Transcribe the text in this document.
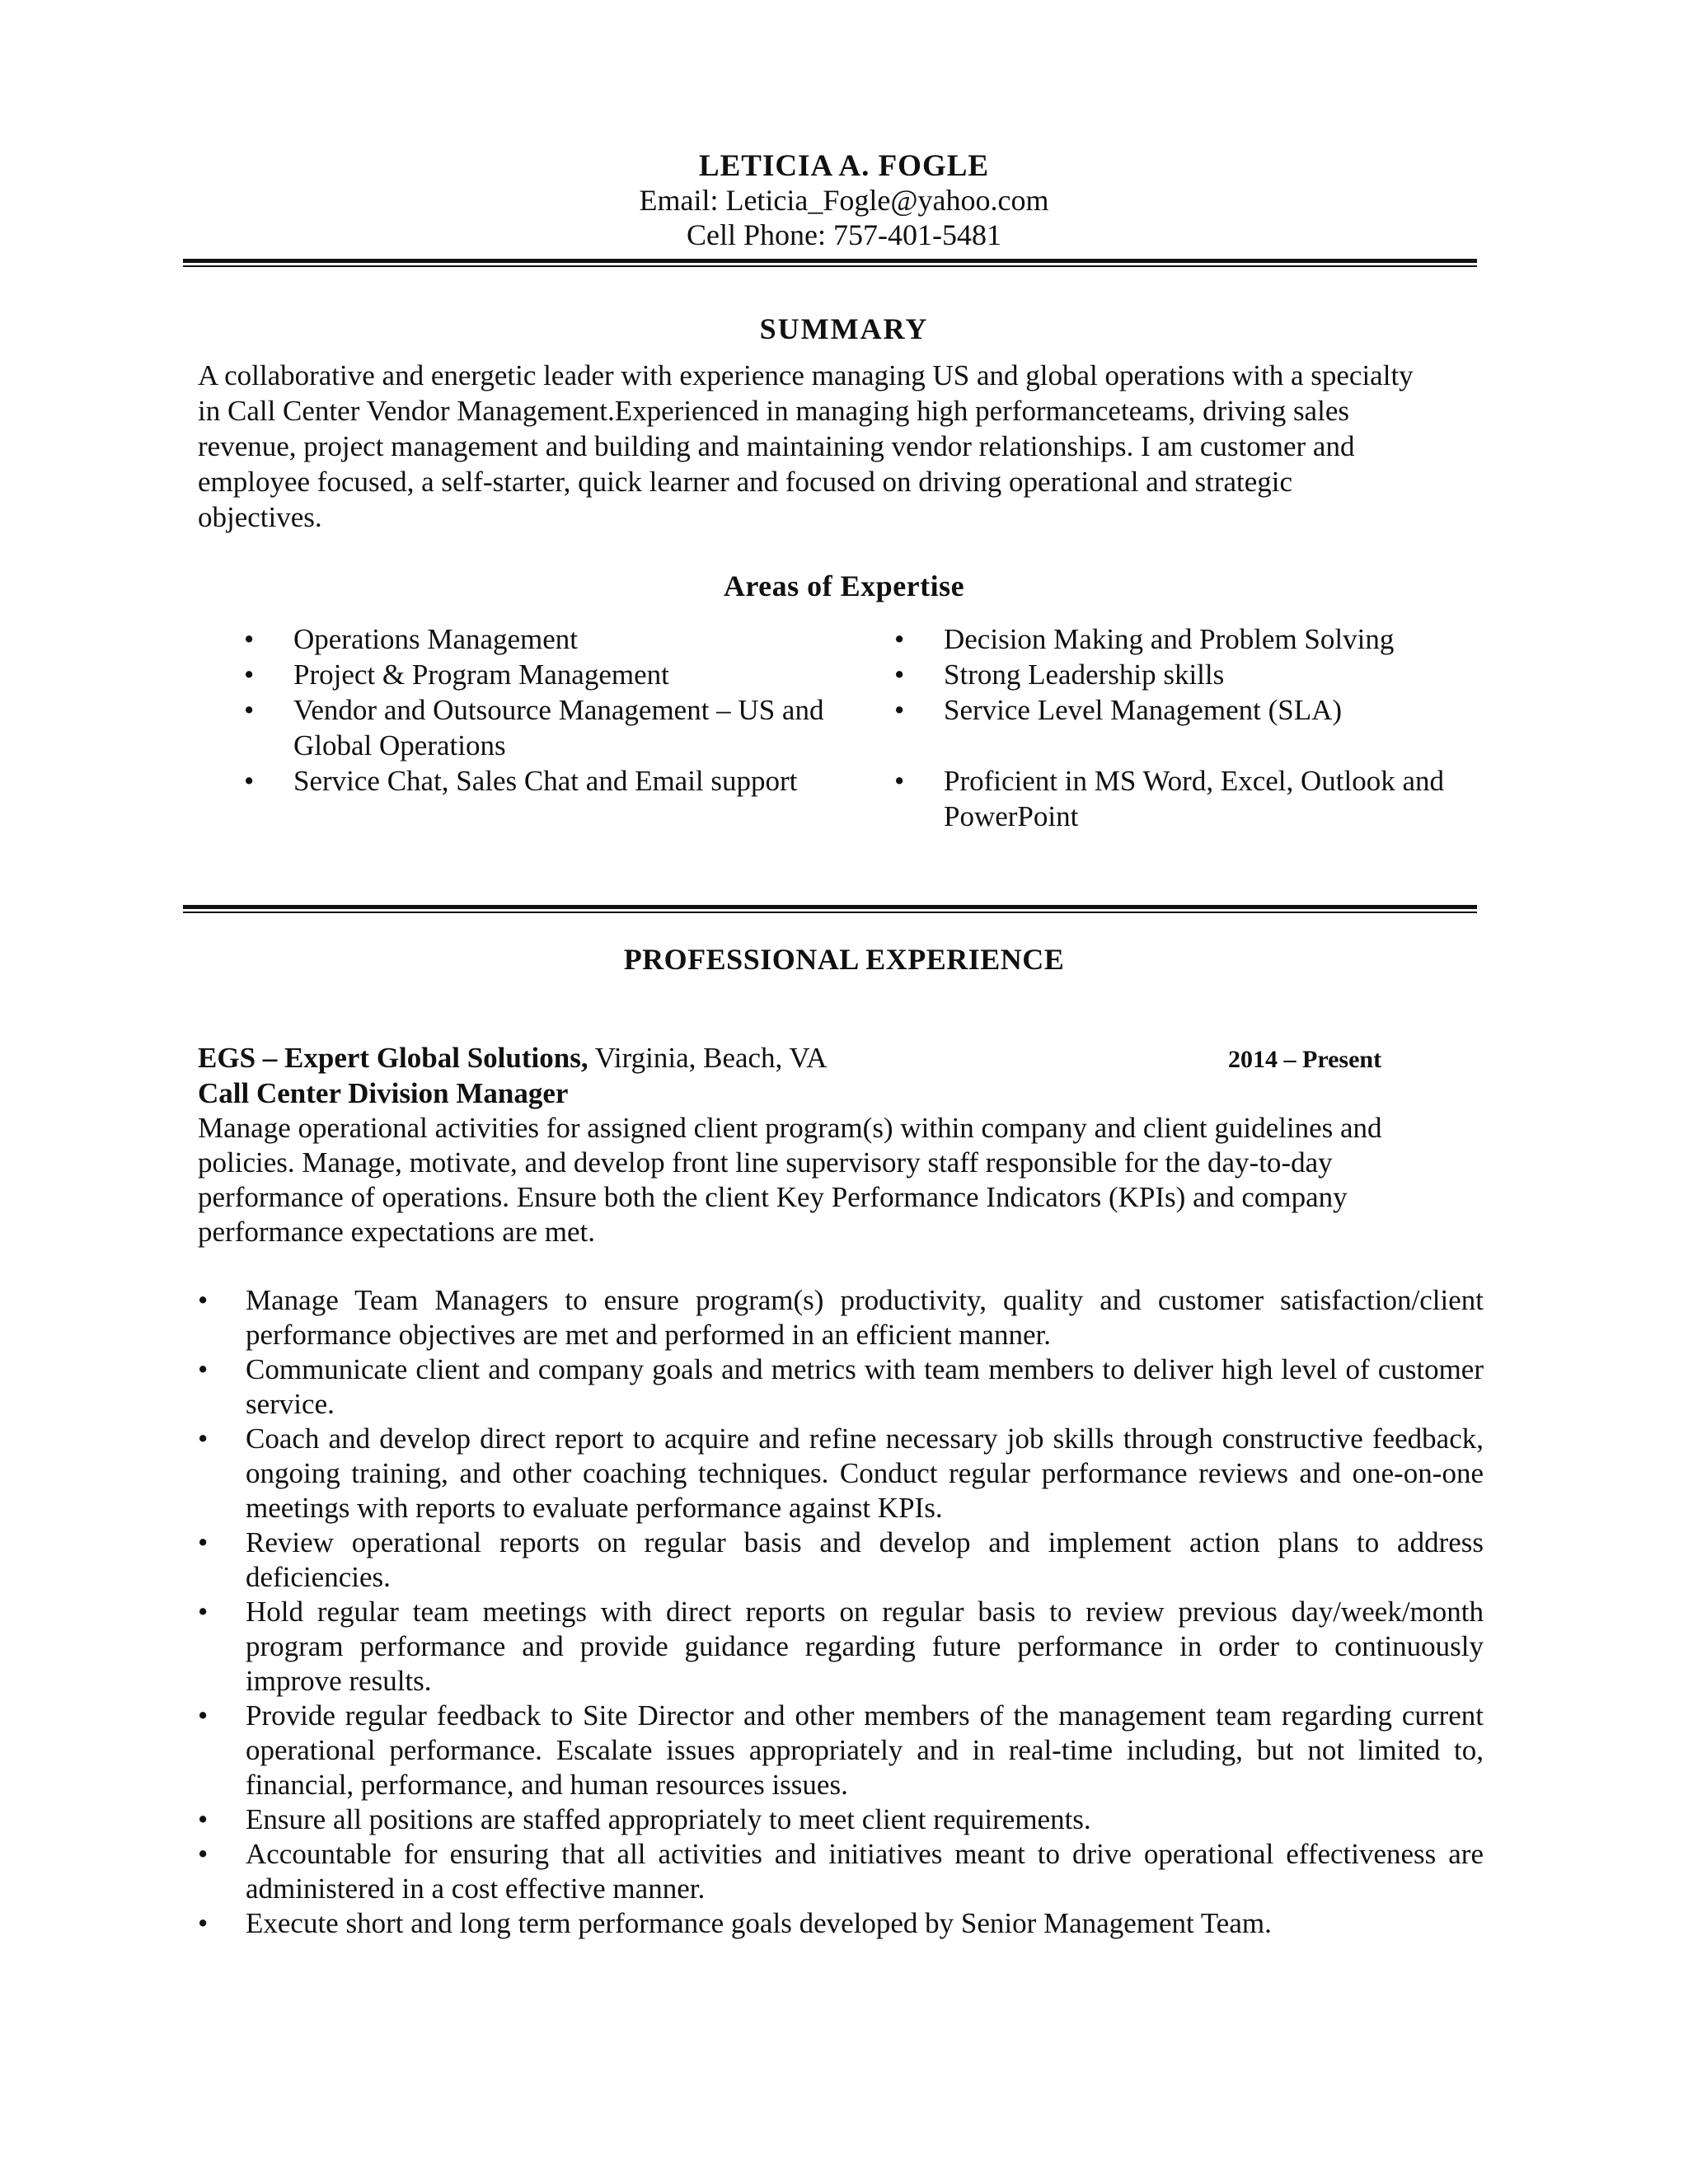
LETICIA A. FOGLE
Email: Leticia_Fogle@yahoo.com
Cell Phone: 757-401-5481
SUMMARY
A collaborative and energetic leader with experience managing US and global operations with a specialty
in Call Center Vendor Management.Experienced in managing high performanceteams, driving sales
revenue, project management and building and maintaining vendor relationships. I am customer and
employee focused, a self-starter, quick learner and focused on driving operational and strategic
objectives.
Areas of Expertise
• Operations Management
• Project & Program Management
• Vendor and Outsource Management – US and Global Operations
• Service Chat, Sales Chat and Email support
• Decision Making and Problem Solving
• Strong Leadership skills
• Service Level Management (SLA)
• Proficient in MS Word, Excel, Outlook and PowerPoint
PROFESSIONAL EXPERIENCE
EGS – Expert Global Solutions, Virginia, Beach, VA	2014 – Present
Call Center Division Manager
Manage operational activities for assigned client program(s) within company and client guidelines and
policies. Manage, motivate, and develop front line supervisory staff responsible for the day-to-day
performance of operations. Ensure both the client Key Performance Indicators (KPIs) and company
performance expectations are met.
• Manage Team Managers to ensure program(s) productivity, quality and customer satisfaction/client performance objectives are met and performed in an efficient manner.
• Communicate client and company goals and metrics with team members to deliver high level of customer service.
• Coach and develop direct report to acquire and refine necessary job skills through constructive feedback, ongoing training, and other coaching techniques. Conduct regular performance reviews and one-on-one meetings with reports to evaluate performance against KPIs.
• Review operational reports on regular basis and develop and implement action plans to address deficiencies.
• Hold regular team meetings with direct reports on regular basis to review previous day/week/month program performance and provide guidance regarding future performance in order to continuously improve results.
• Provide regular feedback to Site Director and other members of the management team regarding current operational performance. Escalate issues appropriately and in real-time including, but not limited to, financial, performance, and human resources issues.
• Ensure all positions are staffed appropriately to meet client requirements.
• Accountable for ensuring that all activities and initiatives meant to drive operational effectiveness are administered in a cost effective manner.
• Execute short and long term performance goals developed by Senior Management Team.
